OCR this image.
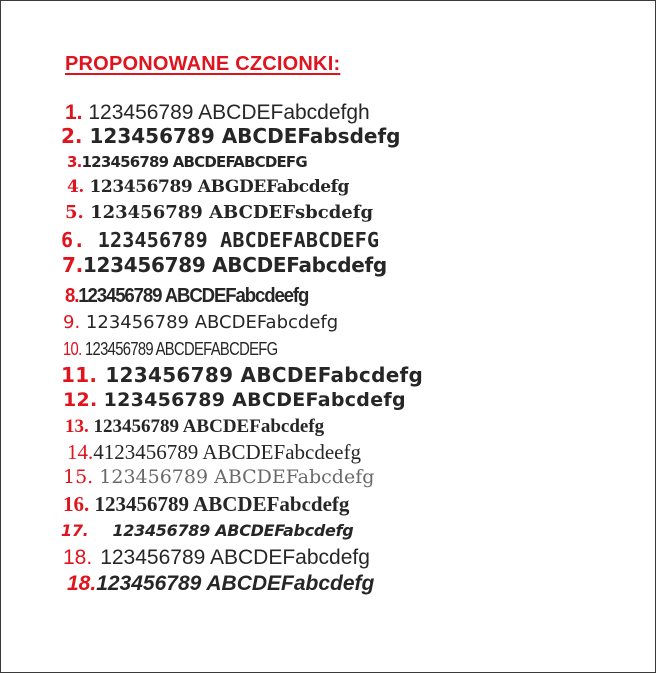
PROPONOWANE CZCIONKI:
1. 123456789 ABCDEFabcdefgh
2. 123456789 ABCDEFabsdefg
3.123456789 ABCDEFABCDEFG
4. 123456789 ABGDEFabcdefg
5. 123456789 ABCDEFsbcdefg
6. 123456789 ABCDEFABCDEFG
7.123456789 ABCDEFabcdefg
8.123456789 ABCDEFabcdeefg
9. 123456789 ABCDEFabcdefg
10. 123456789 ABCDEFABCDEFG
11. 123456789 ABCDEFabcdefg
12. 123456789 ABCDEFabcdefg
13. 123456789 ABCDEFabcdefg
14.4123456789 ABCDEFabcdeefg
15. 123456789 ABCDEFabcdefg
16. 123456789 ABCDEFabcdefg
17. 123456789 ABCDEFabcdefg
18. 123456789 ABCDEFabcdefg
18.123456789 ABCDEFabcdefg
